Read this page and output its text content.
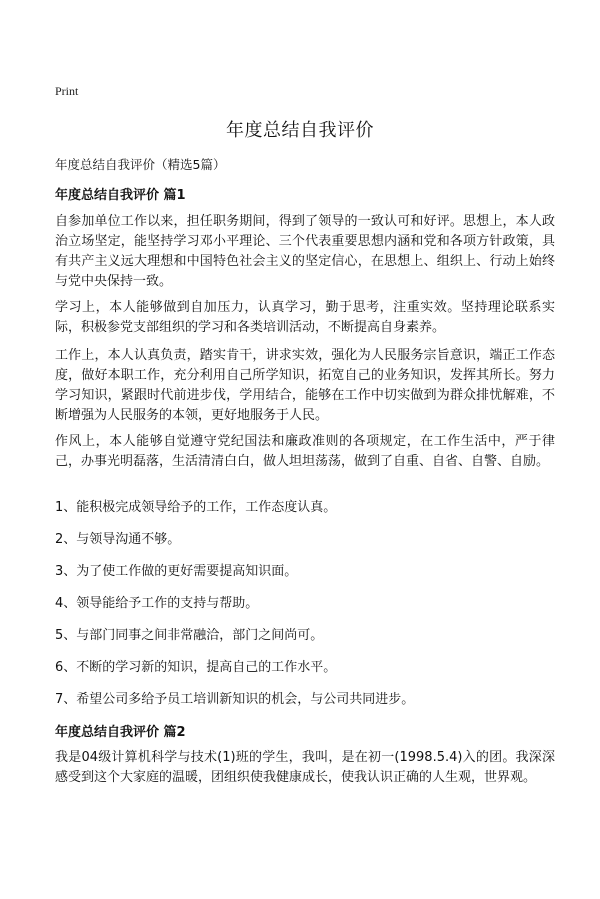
Print
年度总结自我评价

年度总结自我评价（精选5篇）

年度总结自我评价 篇1

自参加单位工作以来，担任职务期间，得到了领导的一致认可和好评。思想上，本人政治立场坚定，能坚持学习邓小平理论、三个代表重要思想内涵和党和各项方针政策，具有共产主义远大理想和中国特色社会主义的坚定信心，在思想上、组织上、行动上始终与党中央保持一致。

学习上，本人能够做到自加压力，认真学习，勤于思考，注重实效。坚持理论联系实际，积极参党支部组织的学习和各类培训活动，不断提高自身素养。

工作上，本人认真负责，踏实肯干，讲求实效，强化为人民服务宗旨意识，端正工作态度，做好本职工作，充分利用自己所学知识，拓宽自己的业务知识，发挥其所长。努力学习知识，紧跟时代前进步伐，学用结合，能够在工作中切实做到为群众排忧解难，不断增强为人民服务的本领，更好地服务于人民。

作风上，本人能够自觉遵守党纪国法和廉政准则的各项规定，在工作生活中，严于律己，办事光明磊落，生活清清白白，做人坦坦荡荡，做到了自重、自省、自警、自励。

1、能积极完成领导给予的工作，工作态度认真。

2、与领导沟通不够。

3、为了使工作做的更好需要提高知识面。

4、领导能给予工作的支持与帮助。

5、与部门同事之间非常融洽，部门之间尚可。

6、不断的学习新的知识，提高自己的工作水平。

7、希望公司多给予员工培训新知识的机会，与公司共同进步。

年度总结自我评价 篇2

我是04级计算机科学与技术(1)班的学生，我叫，是在初一(1998.5.4)入的团。我深深感受到这个大家庭的温暖，团组织使我健康成长，使我认识正确的人生观，世界观。
